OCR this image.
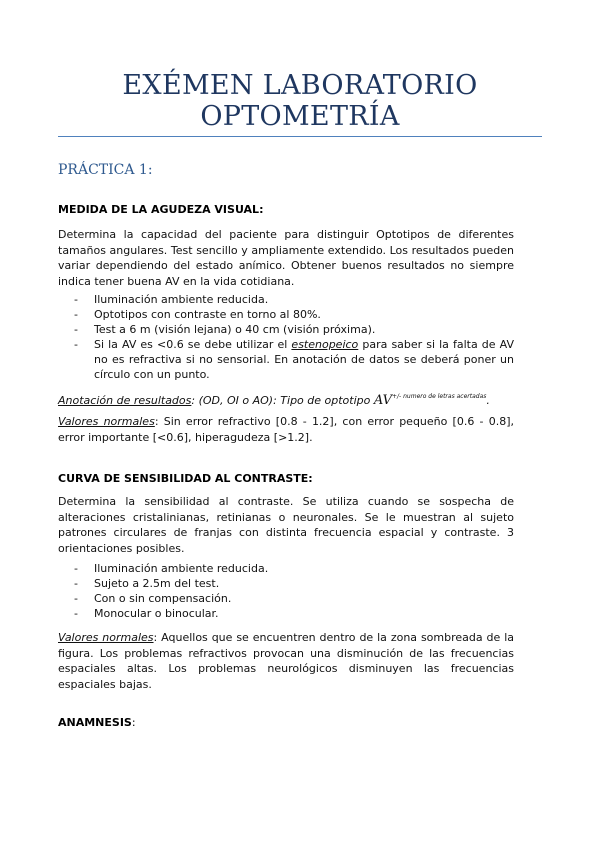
EXÉMEN LABORATORIO
OPTOMETRÍA
PRÁCTICA 1:
MEDIDA DE LA AGUDEZA VISUAL:
Determina la capacidad del paciente para distinguir Optotipos de diferentes tamaños angulares. Test sencillo y ampliamente extendido. Los resultados pueden variar dependiendo del estado anímico. Obtener buenos resultados no siempre indica tener buena AV en la vida cotidiana.
- Iluminación ambiente reducida.
- Optotipos con contraste en torno al 80%.
- Test a 6 m (visión lejana) o 40 cm (visión próxima).
- Si la AV es <0.6 se debe utilizar el estenopeico para saber si la falta de AV no es refractiva si no sensorial. En anotación de datos se deberá poner un círculo con un punto.
Anotación de resultados: (OD, OI o AO): Tipo de optotipo $AV^{+/- numero de letras acertadas}$.
Valores normales: Sin error refractivo [0.8 - 1.2], con error pequeño [0.6 - 0.8], error importante [<0.6], hiperagudeza [>1.2].
CURVA DE SENSIBILIDAD AL CONTRASTE:
Determina la sensibilidad al contraste. Se utiliza cuando se sospecha de alteraciones cristalinianas, retinianas o neuronales. Se le muestran al sujeto patrones circulares de franjas con distinta frecuencia espacial y contraste. 3 orientaciones posibles.
- Iluminación ambiente reducida.
- Sujeto a 2.5m del test.
- Con o sin compensación.
- Monocular o binocular.
Valores normales: Aquellos que se encuentren dentro de la zona sombreada de la figura. Los problemas refractivos provocan una disminución de las frecuencias espaciales altas. Los problemas neurológicos disminuyen las frecuencias espaciales bajas.
ANAMNESIS:
